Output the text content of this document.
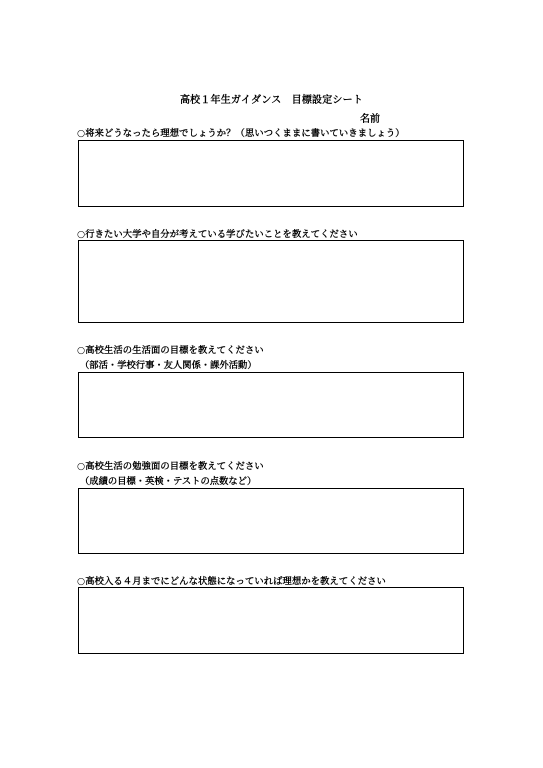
高校１年生ガイダンス　目標設定シート
名前
○将来どうなったら理想でしょうか？（思いつくままに書いていきましょう）
○行きたい大学や自分が考えている学びたいことを教えてください
○高校生活の生活面の目標を教えてください
（部活・学校行事・友人関係・課外活動）
○高校生活の勉強面の目標を教えてください
（成績の目標・英検・テストの点数など）
○高校入る４月までにどんな状態になっていれば理想かを教えてください
